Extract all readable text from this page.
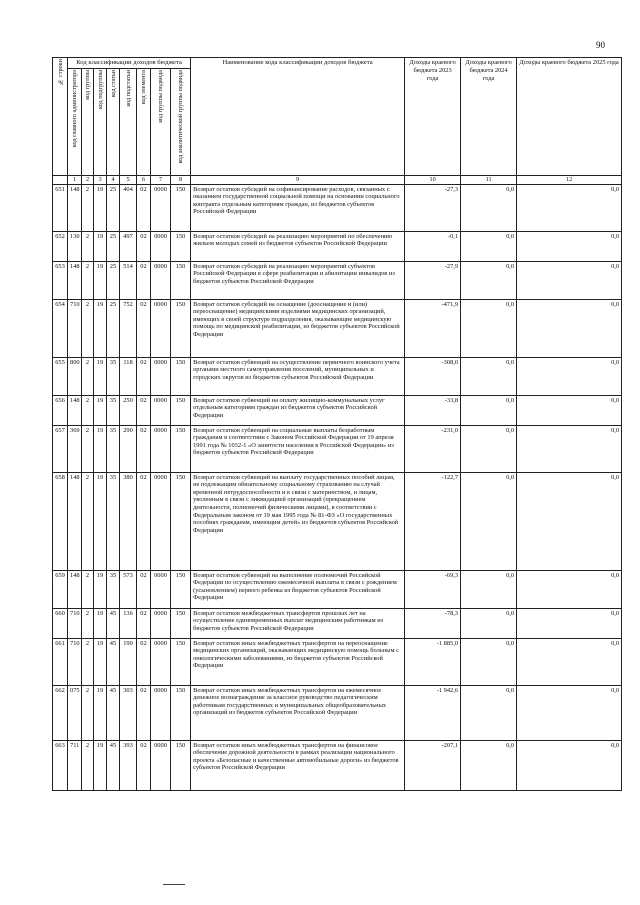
90
№ строки	Код классификации доходов бюджета								Наименование кода классификации доходов бюджета	Доходы краевого бюджета 2023 года	Доходы краевого бюджета 2024 года	Доходы краевого бюджета 2025 года

	код главного администратора	код группы	код подгруппы	код статьи	код подстатьи	код элемента	код группы подвида	код аналитической группы подвида				

	1	2	3	4	5	6	7	8	9	10	11	12
651	148	2	19	25	404	02	0000	150	Возврат остатков субсидий на софинансирование расходов, связанных с оказанием государственной социальной помощи на основании социального контракта отдельным категориям граждан, из бюджетов субъектов Российской Федерации	-27,3	0,0	0,0
652	130	2	19	25	497	02	0000	150	Возврат остатков субсидий на реализацию мероприятий по обеспечению жильем молодых семей из бюджетов субъектов Российской Федерации	-0,1	0,0	0,0
653	148	2	19	25	514	02	0000	150	Возврат остатков субсидий на реализацию мероприятий субъектов Российской Федерации в сфере реабилитации и абилитации инвалидов из бюджетов субъектов Российской Федерации	-27,9	0,0	0,0
654	710	2	19	25	752	02	0000	150	Возврат остатков субсидий на оснащение (дооснащение и (или) переоснащение) медицинскими изделиями медицинских организаций, имеющих в своей структуре подразделения, оказывающие медицинскую помощь по медицинской реабилитации, из бюджетов субъектов Российской Федерации	-471,9	0,0	0,0
655	800	2	19	35	118	02	0000	150	Возврат остатков субвенций на осуществление первичного воинского учета органами местного самоуправления поселений, муниципальных и городских округов из бюджетов субъектов Российской Федерации	-308,0	0,0	0,0
656	148	2	19	35	250	02	0000	150	Возврат остатков субвенций на оплату жилищно-коммунальных услуг отдельным категориям граждан из бюджетов субъектов Российской Федерации	-33,8	0,0	0,0
657	369	2	19	35	290	02	0000	150	Возврат остатков субвенций на социальные выплаты безработным гражданам в соответствии с Законом Российской Федерации от 19 апреля 1991 года № 1032-1 «О занятости населения в Российской Федерации» из бюджетов субъектов Российской Федерации	-231,0	0,0	0,0
658	148	2	19	35	380	02	0000	150	Возврат остатков субвенций на выплату государственных пособий лицам, не подлежащим обязательному социальному страхованию на случай временной нетрудоспособности и в связи с материнством, и лицам, уволенным в связи с ликвидацией организаций (прекращением деятельности, полномочий физическими лицами), в соответствии с Федеральным законом от 19 мая 1995 года № 81-ФЗ «О государственных пособиях гражданам, имеющим детей» из бюджетов субъектов Российской Федерации	-122,7	0,0	0,0
659	148	2	19	35	573	02	0000	150	Возврат остатков субвенций на выполнение полномочий Российской Федерации по осуществлению ежемесячной выплаты в связи с рождением (усыновлением) первого ребенка из бюджетов субъектов Российской Федерации	-69,3	0,0	0,0
660	710	2	19	45	136	02	0000	150	Возврат остатков межбюджетных трансфертов прошлых лет на осуществление единовременных выплат медицинским работникам из бюджетов субъектов Российской Федерации	-78,3	0,0	0,0
661	710	2	19	45	190	02	0000	150	Возврат остатков иных межбюджетных трансфертов на переоснащение медицинских организаций, оказывающих медицинскую помощь больным с онкологическими заболеваниями, из бюджетов субъектов Российской Федерации	-1 885,0	0,0	0,0
662	075	2	19	45	303	02	0000	150	Возврат остатков иных межбюджетных трансфертов на ежемесячное денежное вознаграждение за классное руководство педагогическим работникам государственных и муниципальных общеобразовательных организаций из бюджетов субъектов Российской Федерации	-1 942,6	0,0	0,0
663	711	2	19	45	393	02	0000	150	Возврат остатков иных межбюджетных трансфертов на финансовое обеспечение дорожной деятельности в рамках реализации национального проекта «Безопасные и качественные автомобильные дороги» из бюджетов субъектов Российской Федерации	-207,1	0,0	0,0
